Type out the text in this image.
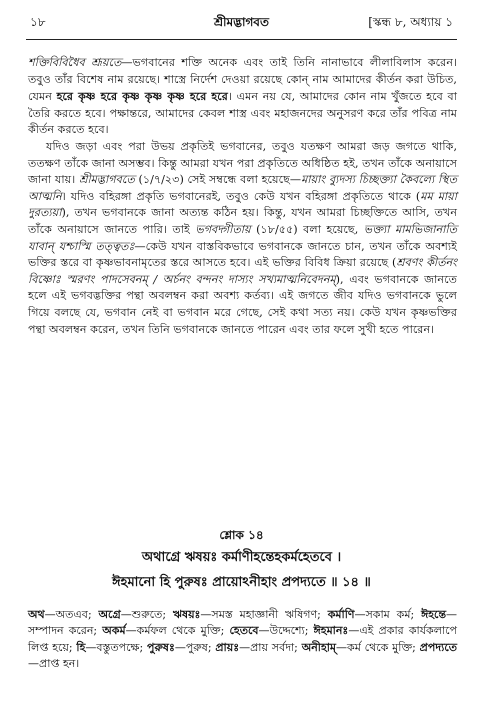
১৮	শ্রীমদ্ভাগবত	[স্কন্ধ ৮, অধ্যায় ১

শক্তিবিবিধৈব শ্রূয়তে—ভগবানের শক্তি অনেক এবং তাই তিনি নানাভাবে লীলাবিলাস করেন। তবুও তাঁর বিশেষ নাম রয়েছে। শাস্ত্রে নির্দেশ দেওয়া রয়েছে কোন্ নাম আমাদের কীর্তন করা উচিত, যেমন হরে কৃষ্ণ হরে কৃষ্ণ কৃষ্ণ কৃষ্ণ হরে হরে। এমন নয় যে, আমাদের কোন নাম খুঁজতে হবে বা তৈরি করতে হবে। পক্ষান্তরে, আমাদের কেবল শাস্ত্র এবং মহাজনদের অনুসরণ করে তাঁর পবিত্র নাম কীর্তন করতে হবে।

যদিও জড়া এবং পরা উভয় প্রকৃতিই ভগবানের, তবুও যতক্ষণ আমরা জড় জগতে থাকি, ততক্ষণ তাঁকে জানা অসম্ভব। কিন্তু আমরা যখন পরা প্রকৃতিতে অধিষ্ঠিত হই, তখন তাঁকে অনায়াসে জানা যায়। শ্রীমদ্ভাগবতে (১/৭/২৩) সেই সম্বন্ধে বলা হয়েছে—মায়াং ব্যুদস্য চিচ্ছক্ত্যা কৈবল্যে স্থিত আত্মনি। যদিও বহিরঙ্গা প্রকৃতি ভগবানেরই, তবুও কেউ যখন বহিরঙ্গা প্রকৃতিতে থাকে (মম মায়া দুরত্যয়া), তখন ভগবানকে জানা অত্যন্ত কঠিন হয়। কিন্তু, যখন আমরা চিচ্ছক্তিতে আসি, তখন তাঁকে অনায়াসে জানতে পারি। তাই ভগবদ্গীতায় (১৮/৫৫) বলা হয়েছে, ভক্ত্যা মামভিজানাতি যাবান্ যশ্চাস্মি তত্ত্বতঃ—কেউ যখন বাস্তবিকভাবে ভগবানকে জানতে চান, তখন তাঁকে অবশ্যই ভক্তির স্তরে বা কৃষ্ণভাবনামৃতের স্তরে আসতে হবে। এই ভক্তির বিবিধ ক্রিয়া রয়েছে (শ্রবণং কীর্তনং বিষ্ণোঃ স্মরণং পাদসেবনম্ / অর্চনং বন্দনং দাস্যং সখ্যমাত্মনিবেদনম্), এবং ভগবানকে জানতে হলে এই ভগবদ্ভক্তির পন্থা অবলম্বন করা অবশ্য কর্তব্য। এই জগতে জীব যদিও ভগবানকে ভুলে গিয়ে বলছে যে, ভগবান নেই বা ভগবান মরে গেছে, সেই কথা সত্য নয়। কেউ যখন কৃষ্ণভক্তির পন্থা অবলম্বন করেন, তখন তিনি ভগবানকে জানতে পারেন এবং তার ফলে সুখী হতে পারেন।

শ্লোক ১৪
অথাগ্রে ঋষয়ঃ কর্মাণীহন্তেহকর্মহেতবে ।
ঈহমানো হি পুরুষঃ প্রায়োঽনীহাং প্রপদ্যতে ॥ ১৪ ॥
অথ—অতএব; অগ্রে—শুরুতে; ঋষয়ঃ—সমস্ত মহাজ্ঞানী ঋষিগণ; কর্মাণি—সকাম কর্ম; ঈহন্তে—সম্পাদন করেন; অকর্ম—কর্মফল থেকে মুক্তি; হেতবে—উদ্দেশ্যে; ঈহমানঃ—এই প্রকার কার্যকলাপে লিপ্ত হয়ে; হি—বস্তুতপক্ষে; পুরুষঃ—পুরুষ; প্রায়ঃ—প্রায় সর্বদা; অনীহাম্—কর্ম থেকে মুক্তি; প্রপদ্যতে—প্রাপ্ত হন।
